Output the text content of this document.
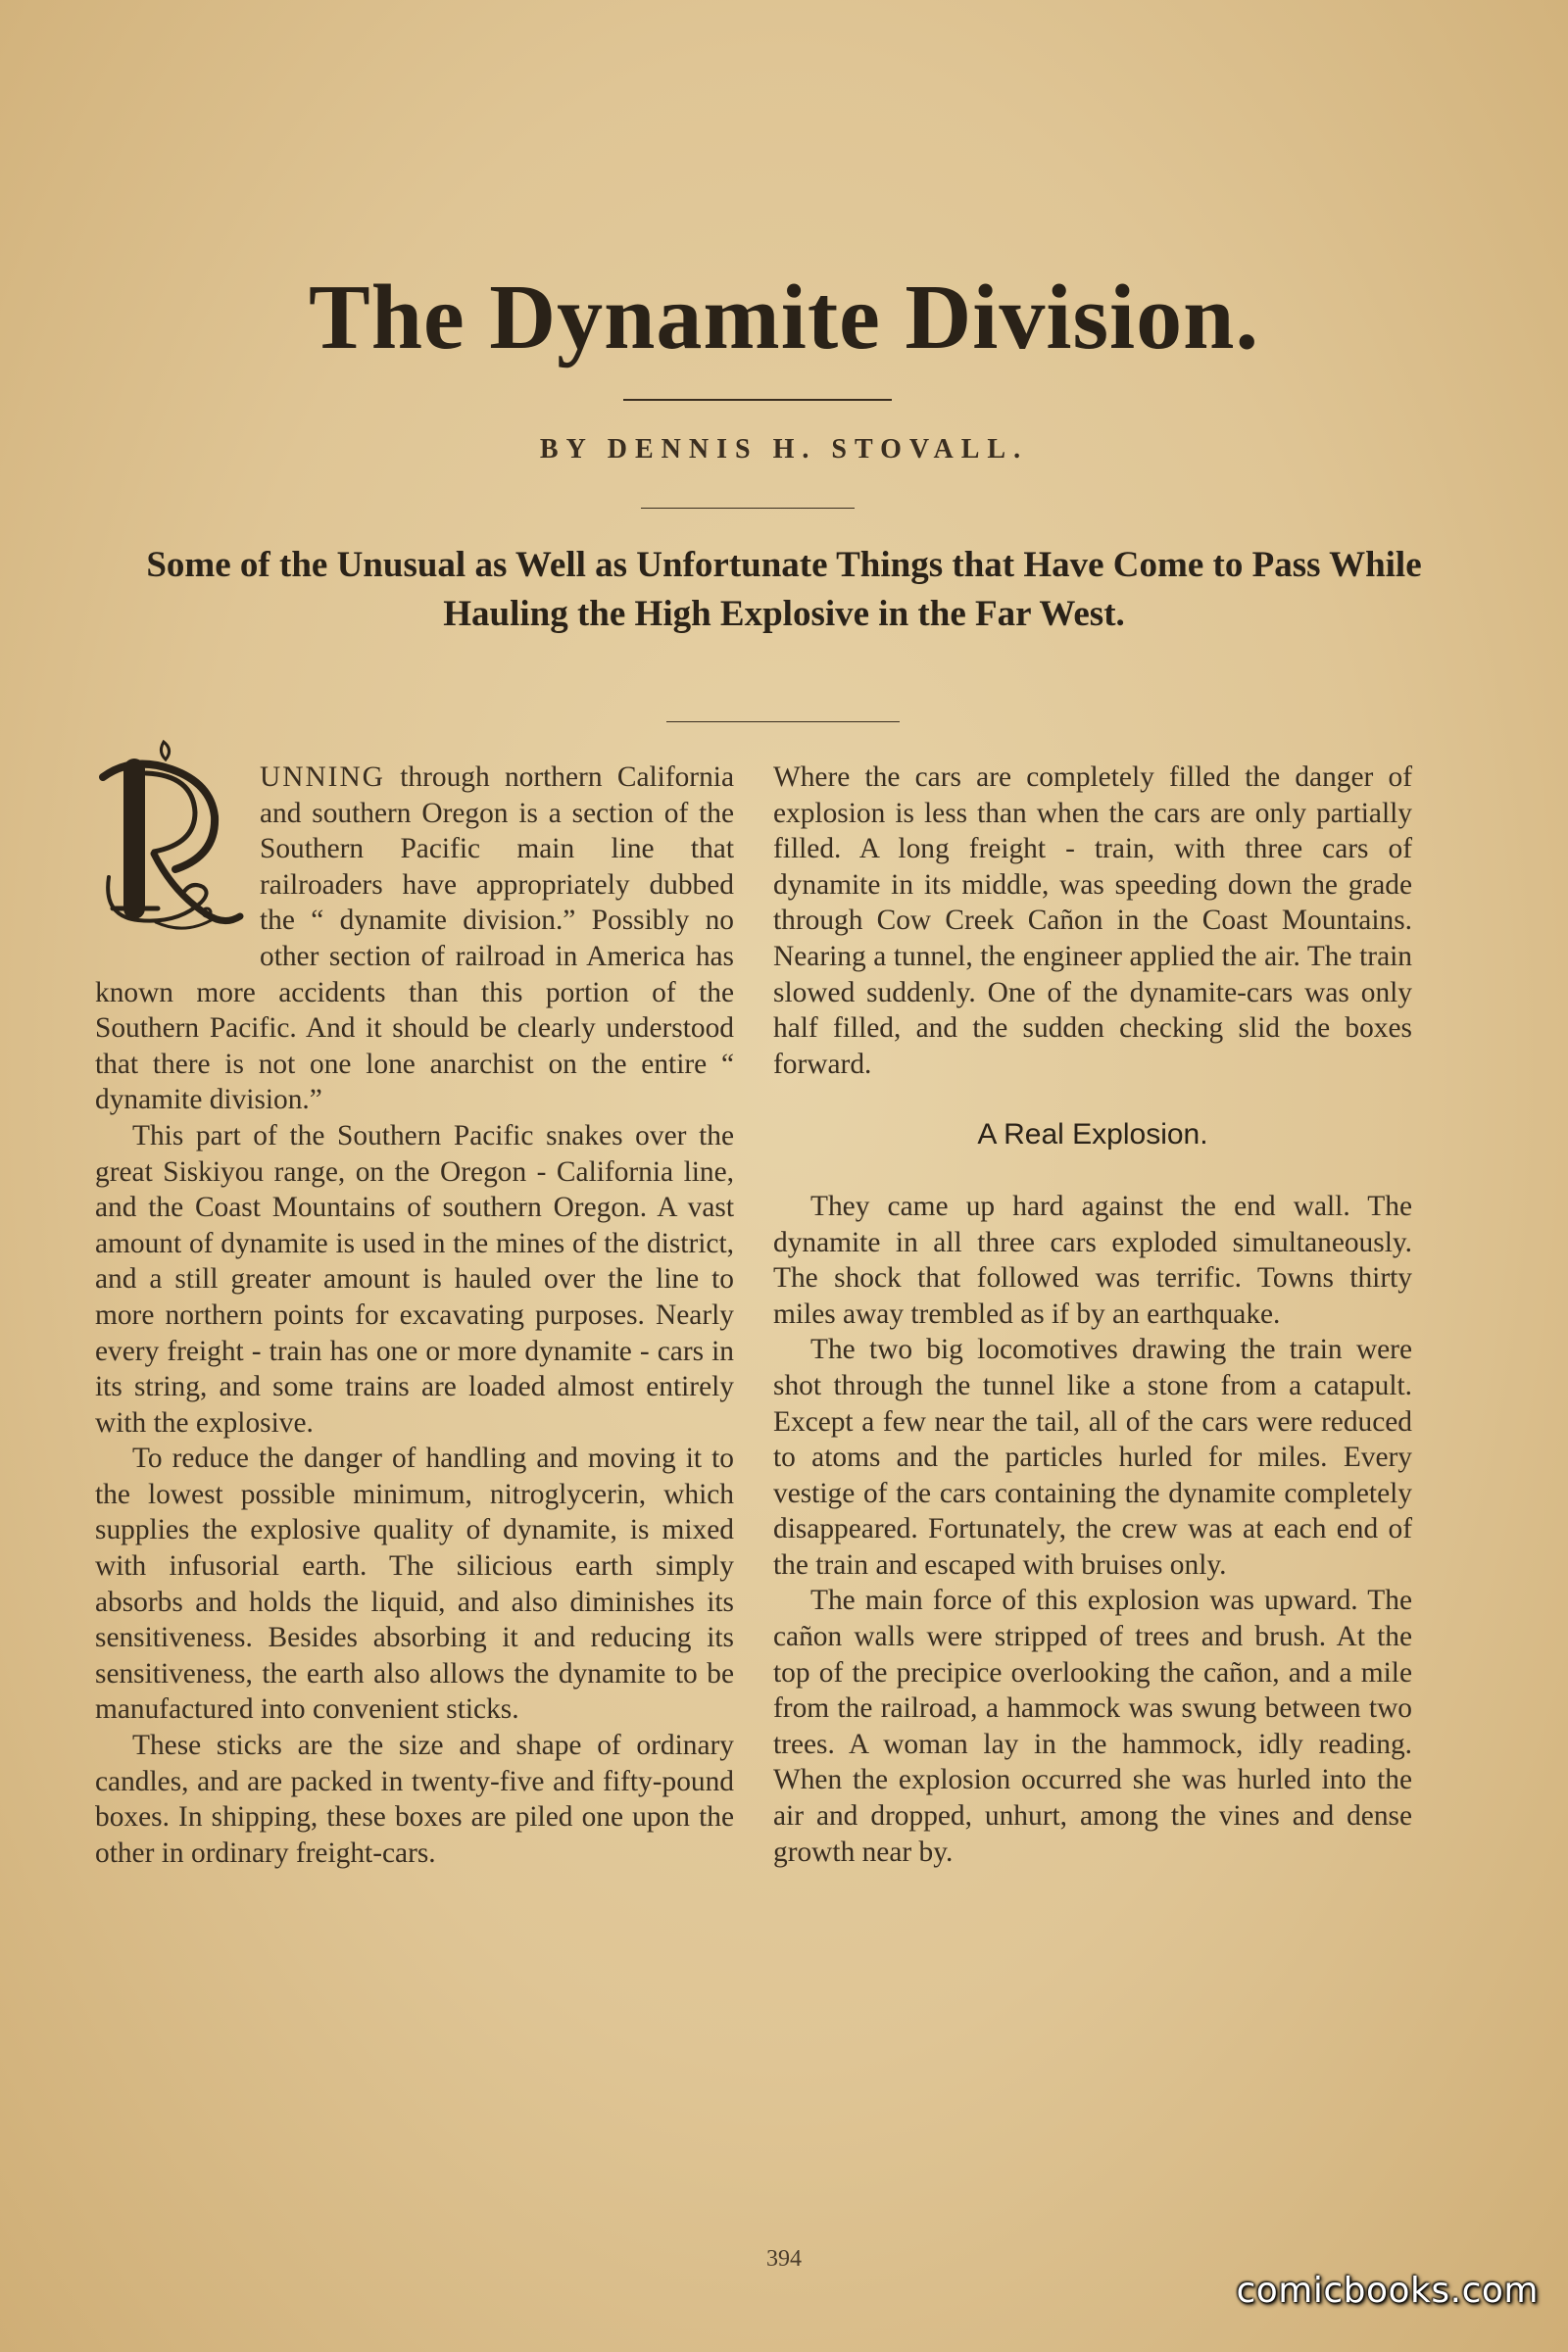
The Dynamite Division.
BY DENNIS H. STOVALL.
Some of the Unusual as Well as Unfortunate Things that Have Come to Pass While Hauling the High Explosive in the Far West.

UNNING through northern California and southern Oregon is a section of the Southern Pacific main line that railroaders have appropriately dubbed the “ dynamite division.” Possibly no other section of railroad in America has known more accidents than this portion of the Southern Pacific. And it should be clearly understood that there is not one lone anarchist on the entire “ dynamite division.”

This part of the Southern Pacific snakes over the great Siskiyou range, on the Oregon - California line, and the Coast Mountains of southern Oregon. A vast amount of dynamite is used in the mines of the district, and a still greater amount is hauled over the line to more northern points for excavating purposes. Nearly every freight - train has one or more dynamite - cars in its string, and some trains are loaded almost entirely with the explosive.

To reduce the danger of handling and moving it to the lowest possible minimum, nitroglycerin, which supplies the explosive quality of dynamite, is mixed with infusorial earth. The silicious earth simply absorbs and holds the liquid, and also diminishes its sensitiveness. Besides absorbing it and reducing its sensitiveness, the earth also allows the dynamite to be manufactured into convenient sticks.

These sticks are the size and shape of ordinary candles, and are packed in twenty-five and fifty-pound boxes. In shipping, these boxes are piled one upon the other in ordinary freight-cars.

Where the cars are completely filled the danger of explosion is less than when the cars are only partially filled. A long freight - train, with three cars of dynamite in its middle, was speeding down the grade through Cow Creek Cañon in the Coast Mountains. Nearing a tunnel, the engineer applied the air. The train slowed suddenly. One of the dynamite-cars was only half filled, and the sudden checking slid the boxes forward.

A Real Explosion.

They came up hard against the end wall. The dynamite in all three cars exploded simultaneously. The shock that followed was terrific. Towns thirty miles away trembled as if by an earthquake.

The two big locomotives drawing the train were shot through the tunnel like a stone from a catapult. Except a few near the tail, all of the cars were reduced to atoms and the particles hurled for miles. Every vestige of the cars containing the dynamite completely disappeared. Fortunately, the crew was at each end of the train and escaped with bruises only.

The main force of this explosion was upward. The cañon walls were stripped of trees and brush. At the top of the precipice overlooking the cañon, and a mile from the railroad, a hammock was swung between two trees. A woman lay in the hammock, idly reading. When the explosion occurred she was hurled into the air and dropped, unhurt, among the vines and dense growth near by.

394
comicbooks.com
